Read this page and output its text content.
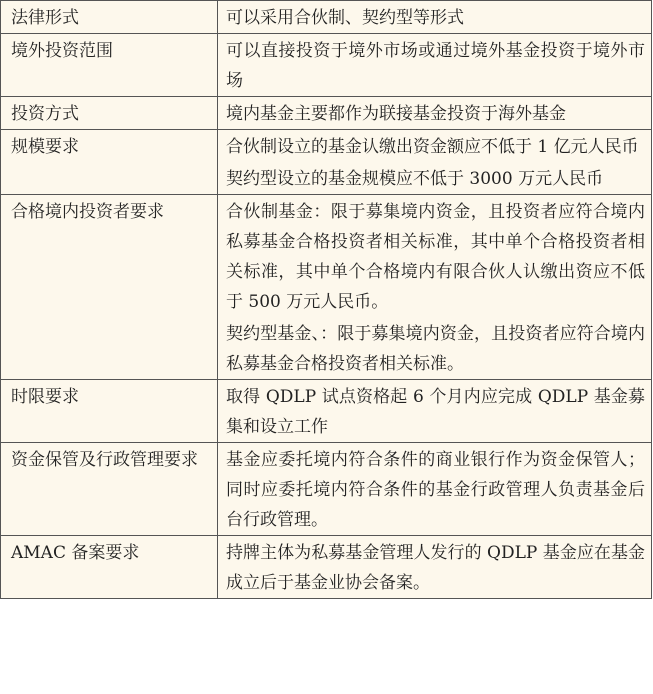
法律形式	可以采用合伙制、契约型等形式

境外投资范围	可以直接投资于境外市场或通过境外基金投资于境外市场

投资方式	境内基金主要都作为联接基金投资于海外基金

规模要求	合伙制设立的基金认缴出资金额应不低于 1 亿元人民币
契约型设立的基金规模应不低于 3000 万元人民币

合格境内投资者要求	合伙制基金：限于募集境内资金，且投资者应符合境内私募基金合格投资者相关标准，其中单个合格投资者相关标准，其中单个合格境内有限合伙人认缴出资应不低于 500 万元人民币。
契约型基金、：限于募集境内资金，且投资者应符合境内私募基金合格投资者相关标准。

时限要求	取得 QDLP 试点资格起 6 个月内应完成 QDLP 基金募集和设立工作

资金保管及行政管理要求	基金应委托境内符合条件的商业银行作为资金保管人；同时应委托境内符合条件的基金行政管理人负责基金后台行政管理。

AMAC 备案要求	持牌主体为私募基金管理人发行的 QDLP 基金应在基金成立后于基金业协会备案。
